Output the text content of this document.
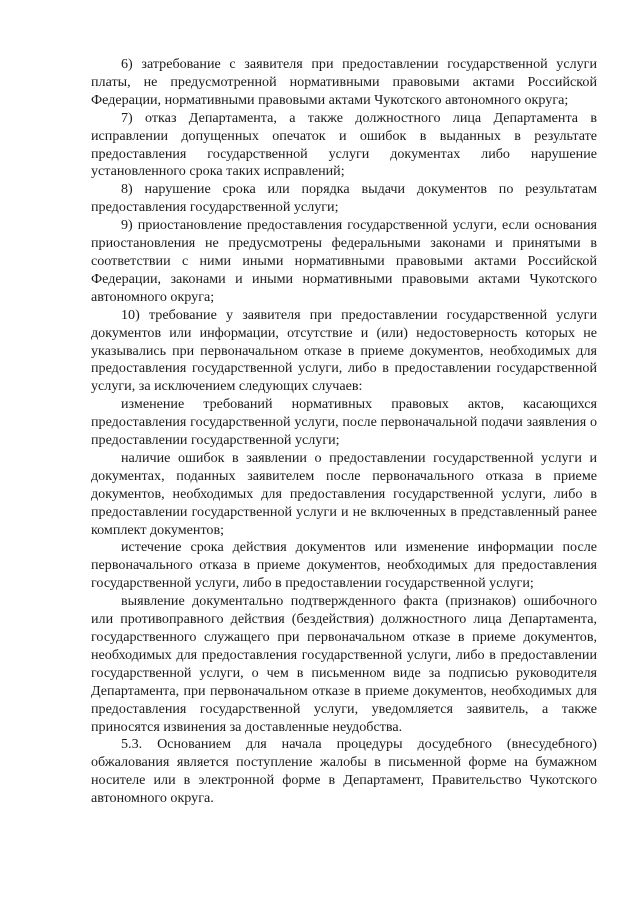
6) затребование с заявителя при предоставлении государственной услуги платы, не предусмотренной нормативными правовыми актами Российской Федерации, нормативными правовыми актами Чукотского автономного округа;

7) отказ Департамента, а также должностного лица Департамента в исправлении допущенных опечаток и ошибок в выданных в результате предоставления государственной услуги документах либо нарушение установленного срока таких исправлений;

8) нарушение срока или порядка выдачи документов по результатам предоставления государственной услуги;

9) приостановление предоставления государственной услуги, если основания приостановления не предусмотрены федеральными законами и принятыми в соответствии с ними иными нормативными правовыми актами Российской Федерации, законами и иными нормативными правовыми актами Чукотского автономного округа;

10) требование у заявителя при предоставлении государственной услуги документов или информации, отсутствие и (или) недостоверность которых не указывались при первоначальном отказе в приеме документов, необходимых для предоставления государственной услуги, либо в предоставлении государственной услуги, за исключением следующих случаев:

изменение требований нормативных правовых актов, касающихся предоставления государственной услуги, после первоначальной подачи заявления о предоставлении государственной услуги;

наличие ошибок в заявлении о предоставлении государственной услуги и документах, поданных заявителем после первоначального отказа в приеме документов, необходимых для предоставления государственной услуги, либо в предоставлении государственной услуги и не включенных в представленный ранее комплект документов;

истечение срока действия документов или изменение информации после первоначального отказа в приеме документов, необходимых для предоставления государственной услуги, либо в предоставлении государственной услуги;

выявление документально подтвержденного факта (признаков) ошибочного или противоправного действия (бездействия) должностного лица Департамента, государственного служащего при первоначальном отказе в приеме документов, необходимых для предоставления государственной услуги, либо в предоставлении государственной услуги, о чем в письменном виде за подписью руководителя Департамента, при первоначальном отказе в приеме документов, необходимых для предоставления государственной услуги, уведомляется заявитель, а также приносятся извинения за доставленные неудобства.

5.3. Основанием для начала процедуры досудебного (внесудебного) обжалования является поступление жалобы в письменной форме на бумажном носителе или в электронной форме в Департамент, Правительство Чукотского автономного округа.
